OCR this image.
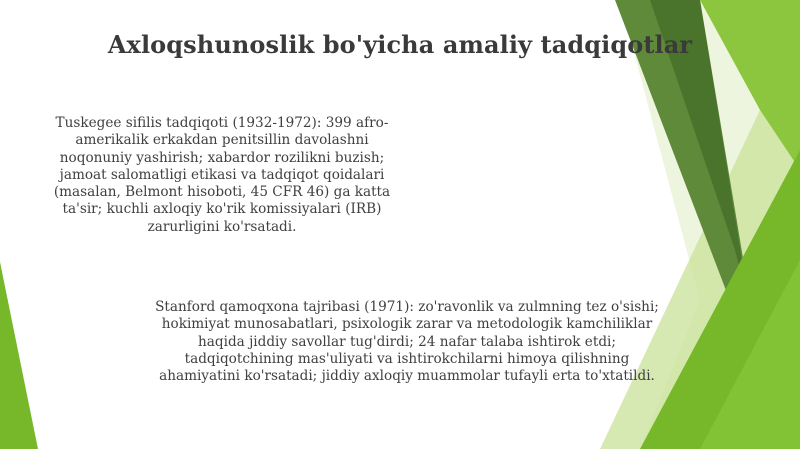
Axloqshunoslik bo'yicha amaliy tadqiqotlar
Tuskegee sifilis tadqiqoti (1932-1972): 399 afro-amerikalik erkakdan penitsillin davolashni noqonuniy yashirish; xabardor rozilikni buzish; jamoat salomatligi etikasi va tadqiqot qoidalari (masalan, Belmont hisoboti, 45 CFR 46) ga katta ta'sir; kuchli axloqiy ko'rik komissiyalari (IRB) zarurligini ko'rsatadi.
Stanford qamoqxona tajribasi (1971): zo'ravonlik va zulmning tez o'sishi; hokimiyat munosabatlari, psixologik zarar va metodologik kamchiliklar haqida jiddiy savollar tug'dirdi; 24 nafar talaba ishtirok etdi; tadqiqotchining mas'uliyati va ishtirokchilarni himoya qilishning ahamiyatini ko'rsatadi; jiddiy axloqiy muammolar tufayli erta to'xtatildi.
